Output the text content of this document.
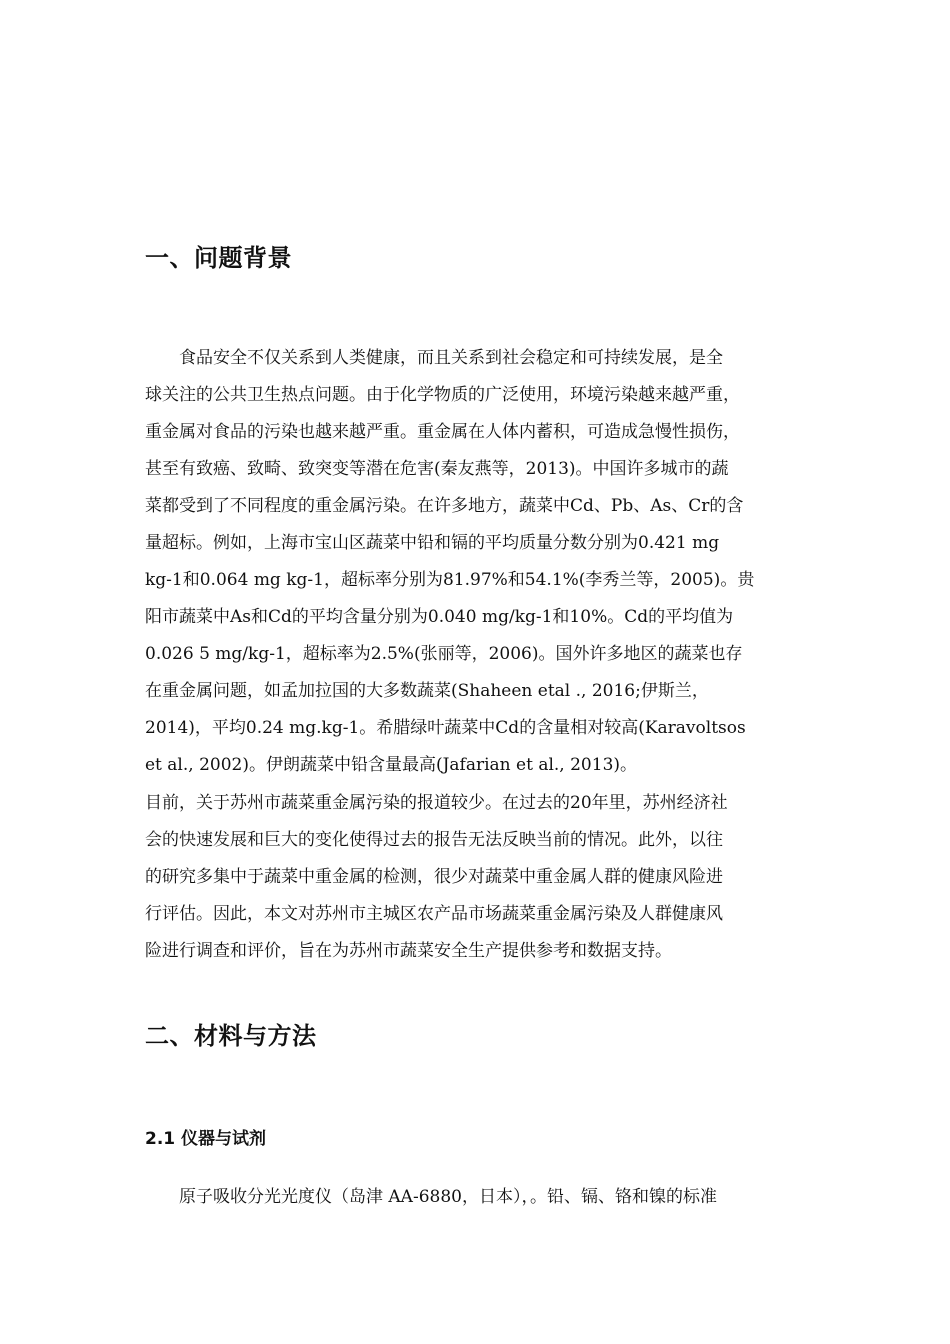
一、问题背景
食品安全不仅关系到人类健康，而且关系到社会稳定和可持续发展，是全
球关注的公共卫生热点问题。由于化学物质的广泛使用，环境污染越来越严重，
重金属对食品的污染也越来越严重。重金属在人体内蓄积，可造成急慢性损伤，
甚至有致癌、致畸、致突变等潜在危害(秦友燕等，2013)。中国许多城市的蔬
菜都受到了不同程度的重金属污染。在许多地方，蔬菜中Cd、Pb、As、Cr的含
量超标。例如，上海市宝山区蔬菜中铅和镉的平均质量分数分别为0.421 mg
kg-1和0.064 mg kg-1，超标率分别为81.97%和54.1%(李秀兰等，2005)。贵
阳市蔬菜中As和Cd的平均含量分别为0.040 mg/kg-1和10%。Cd的平均值为
0.026 5 mg/kg-1，超标率为2.5%(张丽等，2006)。国外许多地区的蔬菜也存
在重金属问题，如孟加拉国的大多数蔬菜(Shaheen etal ., 2016;伊斯兰，
2014)，平均0.24 mg.kg-1。希腊绿叶蔬菜中Cd的含量相对较高(Karavoltsos
et al., 2002)。伊朗蔬菜中铅含量最高(Jafarian et al., 2013)。
目前，关于苏州市蔬菜重金属污染的报道较少。在过去的20年里，苏州经济社
会的快速发展和巨大的变化使得过去的报告无法反映当前的情况。此外，以往
的研究多集中于蔬菜中重金属的检测，很少对蔬菜中重金属人群的健康风险进
行评估。因此，本文对苏州市主城区农产品市场蔬菜重金属污染及人群健康风
险进行调查和评价，旨在为苏州市蔬菜安全生产提供参考和数据支持。
二、材料与方法
2.1 仪器与试剂
原子吸收分光光度仪（岛津 AA-6880，日本），。铅、镉、铬和镍的标准
